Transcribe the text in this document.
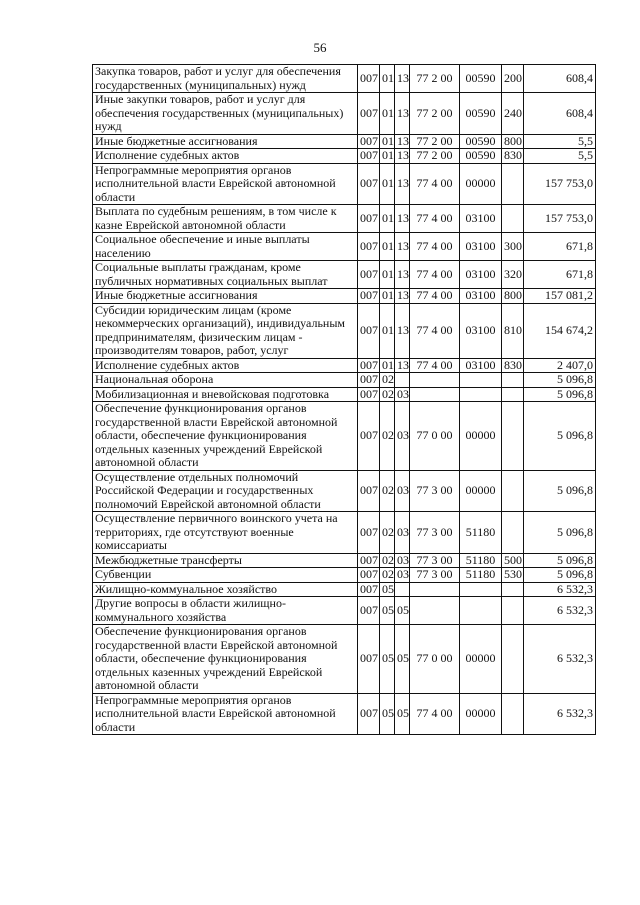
56
Закупка товаров, работ и услуг для обеспечения государственных (муниципальных) нужд	007	01	13	77 2 00	00590	200	608,4
Иные закупки товаров, работ и услуг для обеспечения государственных (муниципальных) нужд	007	01	13	77 2 00	00590	240	608,4
Иные бюджетные ассигнования	007	01	13	77 2 00	00590	800	5,5
Исполнение судебных актов	007	01	13	77 2 00	00590	830	5,5
Непрограммные мероприятия органов исполнительной власти Еврейской автономной области	007	01	13	77 4 00	00000		157 753,0
Выплата по судебным решениям, в том числе к казне Еврейской автономной области	007	01	13	77 4 00	03100		157 753,0
Социальное обеспечение и иные выплаты населению	007	01	13	77 4 00	03100	300	671,8
Социальные выплаты гражданам, кроме публичных нормативных социальных выплат	007	01	13	77 4 00	03100	320	671,8
Иные бюджетные ассигнования	007	01	13	77 4 00	03100	800	157 081,2
Субсидии юридическим лицам (кроме некоммерческих организаций), индивидуальным предпринимателям, физическим лицам - производителям товаров, работ, услуг	007	01	13	77 4 00	03100	810	154 674,2
Исполнение судебных актов	007	01	13	77 4 00	03100	830	2 407,0
Национальная оборона	007	02					5 096,8
Мобилизационная и вневойсковая подготовка	007	02	03				5 096,8
Обеспечение функционирования органов государственной власти Еврейской автономной области, обеспечение функционирования отдельных казенных учреждений Еврейской автономной области	007	02	03	77 0 00	00000		5 096,8
Осуществление отдельных полномочий Российской Федерации и государственных полномочий Еврейской автономной области	007	02	03	77 3 00	00000		5 096,8
Осуществление первичного воинского учета на территориях, где отсутствуют военные комиссариаты	007	02	03	77 3 00	51180		5 096,8
Межбюджетные трансферты	007	02	03	77 3 00	51180	500	5 096,8
Субвенции	007	02	03	77 3 00	51180	530	5 096,8
Жилищно-коммунальное хозяйство	007	05					6 532,3
Другие вопросы в области жилищно-коммунального хозяйства	007	05	05				6 532,3
Обеспечение функционирования органов государственной власти Еврейской автономной области, обеспечение функционирования отдельных казенных учреждений Еврейской автономной области	007	05	05	77 0 00	00000		6 532,3
Непрограммные мероприятия органов исполнительной власти Еврейской автономной области	007	05	05	77 4 00	00000		6 532,3
